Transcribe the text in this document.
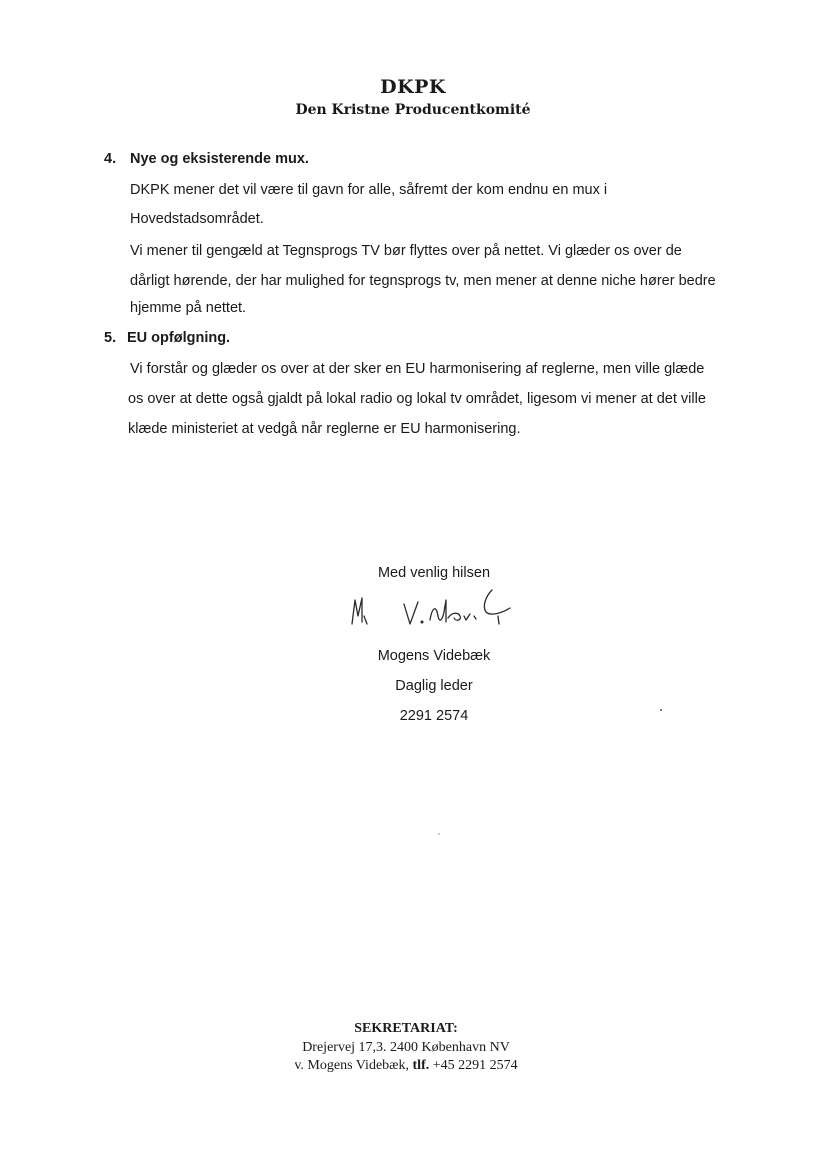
DKPK
Den Kristne Producentkomité
4. Nye og eksisterende mux.
DKPK mener det vil være til gavn for alle, såfremt der kom endnu en mux i
Hovedstadsområdet.
Vi mener til gengæld at Tegnsprogs TV bør flyttes over på nettet. Vi glæder os over de
dårligt hørende, der har mulighed for tegnsprogs tv, men mener at denne niche hører bedre
hjemme på nettet.
5. EU opfølgning.
Vi forstår og glæder os over at der sker en EU harmonisering af reglerne, men ville glæde
os over at dette også gjaldt på lokal radio og lokal tv området, ligesom vi mener at det ville
klæde ministeriet at vedgå når reglerne er EU harmonisering.
Med venlig hilsen
Mogens Videbæk
Daglig leder
2291 2574
SEKRETARIAT:
Drejervej 17,3. 2400 København NV
v. Mogens Videbæk, tlf. +45 2291 2574
